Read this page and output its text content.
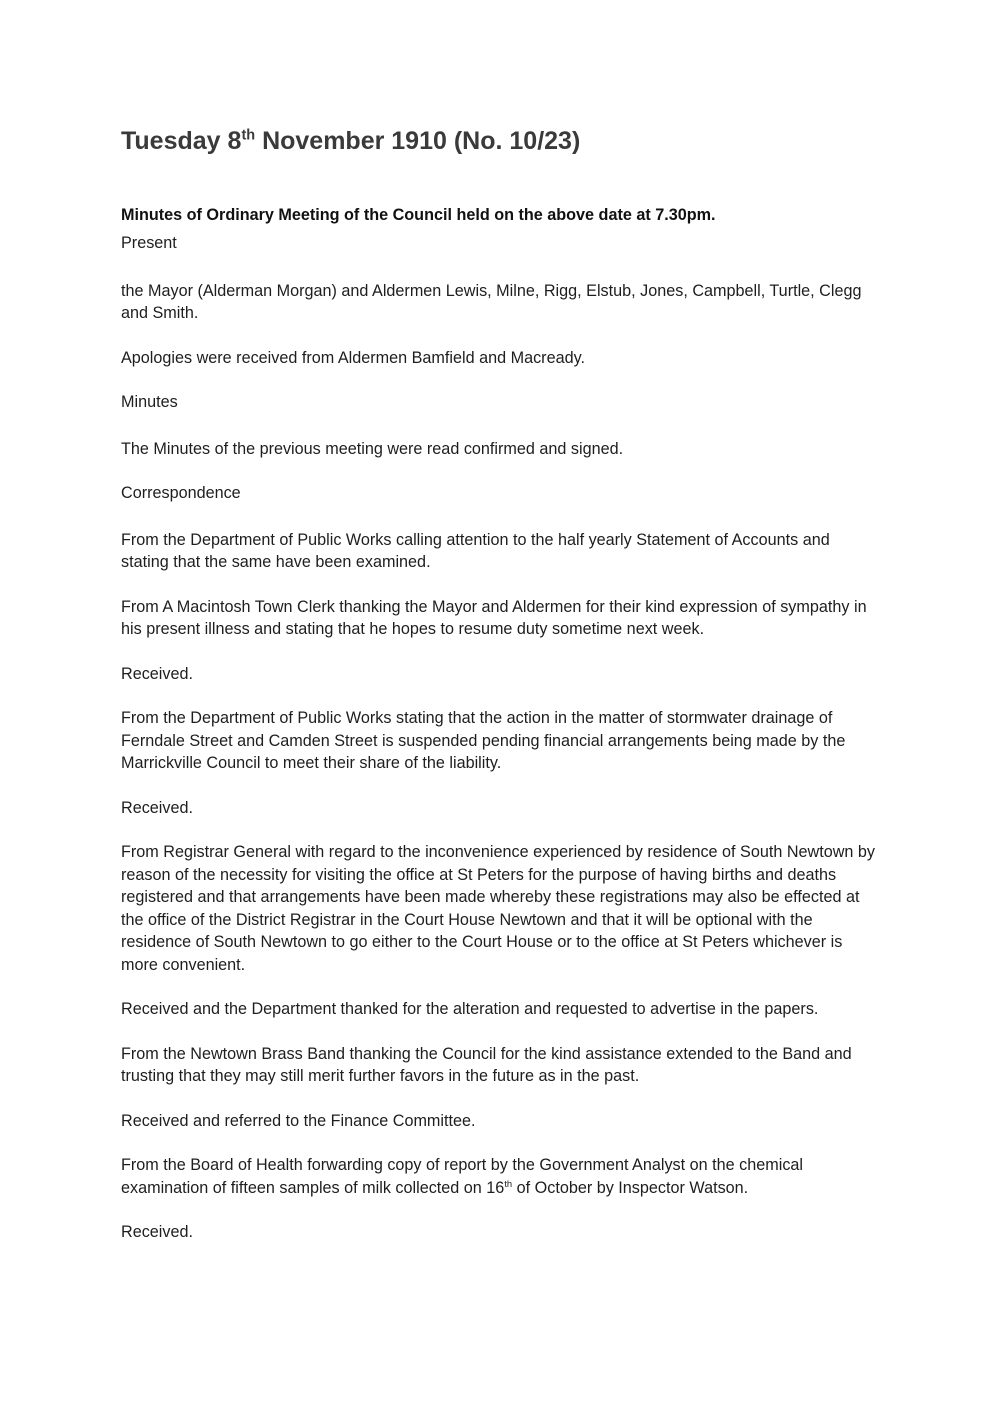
Tuesday 8th November 1910 (No. 10/23)

Minutes of Ordinary Meeting of the Council held on the above date at 7.30pm.

Present

the Mayor (Alderman Morgan) and Aldermen Lewis, Milne, Rigg, Elstub, Jones, Campbell, Turtle, Clegg and Smith.

Apologies were received from Aldermen Bamfield and Macready.

Minutes

The Minutes of the previous meeting were read confirmed and signed.

Correspondence

From the Department of Public Works calling attention to the half yearly Statement of Accounts and stating that the same have been examined.

From A Macintosh Town Clerk thanking the Mayor and Aldermen for their kind expression of sympathy in his present illness and stating that he hopes to resume duty sometime next week.

Received.

From the Department of Public Works stating that the action in the matter of stormwater drainage of Ferndale Street and Camden Street is suspended pending financial arrangements being made by the Marrickville Council to meet their share of the liability.

Received.

From Registrar General with regard to the inconvenience experienced by residence of South Newtown by reason of the necessity for visiting the office at St Peters for the purpose of having births and deaths registered and that arrangements have been made whereby these registrations may also be effected at the office of the District Registrar in the Court House Newtown and that it will be optional with the residence of South Newtown to go either to the Court House or to the office at St Peters whichever is more convenient.

Received and the Department thanked for the alteration and requested to advertise in the papers.

From the Newtown Brass Band thanking the Council for the kind assistance extended to the Band and trusting that they may still merit further favors in the future as in the past.

Received and referred to the Finance Committee.

From the Board of Health forwarding copy of report by the Government Analyst on the chemical examination of fifteen samples of milk collected on 16th of October by Inspector Watson.

Received.
